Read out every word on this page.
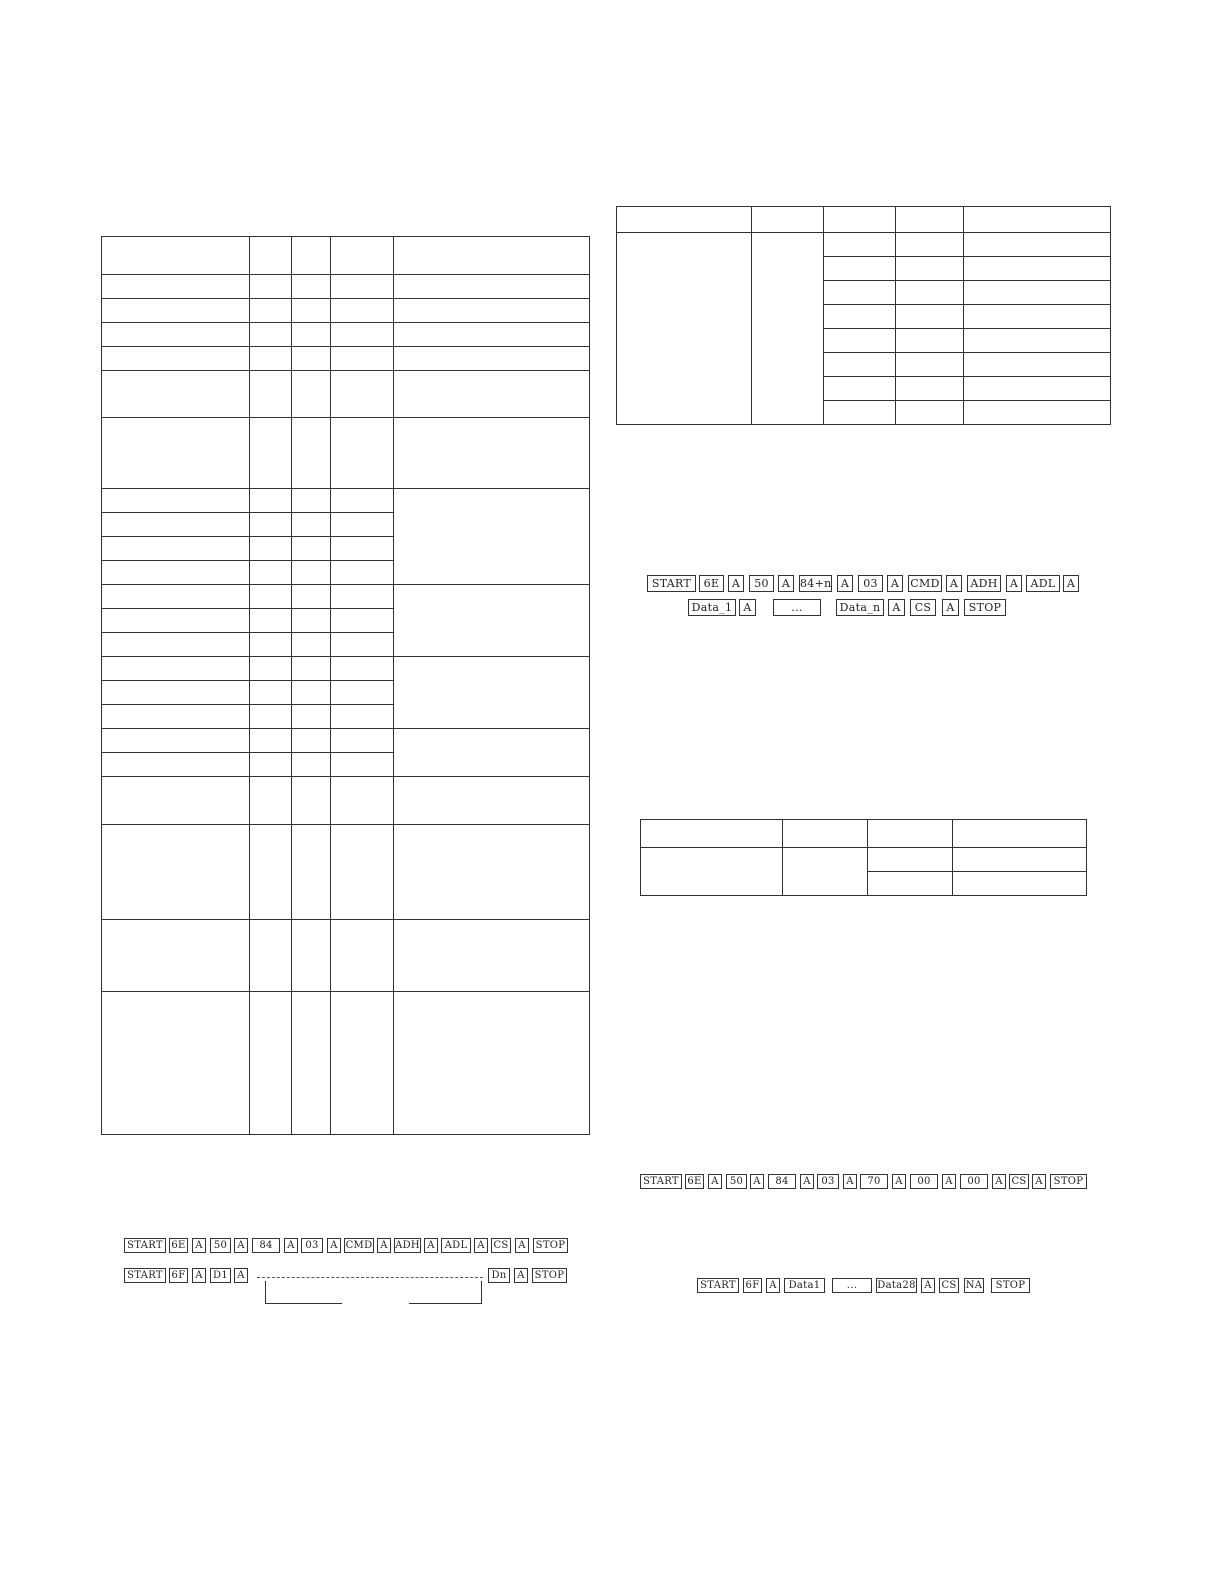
START	6E	A	50	A 84+n A	03	A	CMD A	ADH	A	ADL	A
Data_1	A	...	Data_n	A	CS	A	STOP
START 6E A	50	A	84	A	03	A CMD A ADH A ADL A CS A STOP
START 6F A	D1 A	Dn	A STOP
START 6E A	50	A	84	A	03	A	70	A	00	A	00	A CS A	STOP
START 6F A	Data1	...	Data28 A CS NA	STOP
